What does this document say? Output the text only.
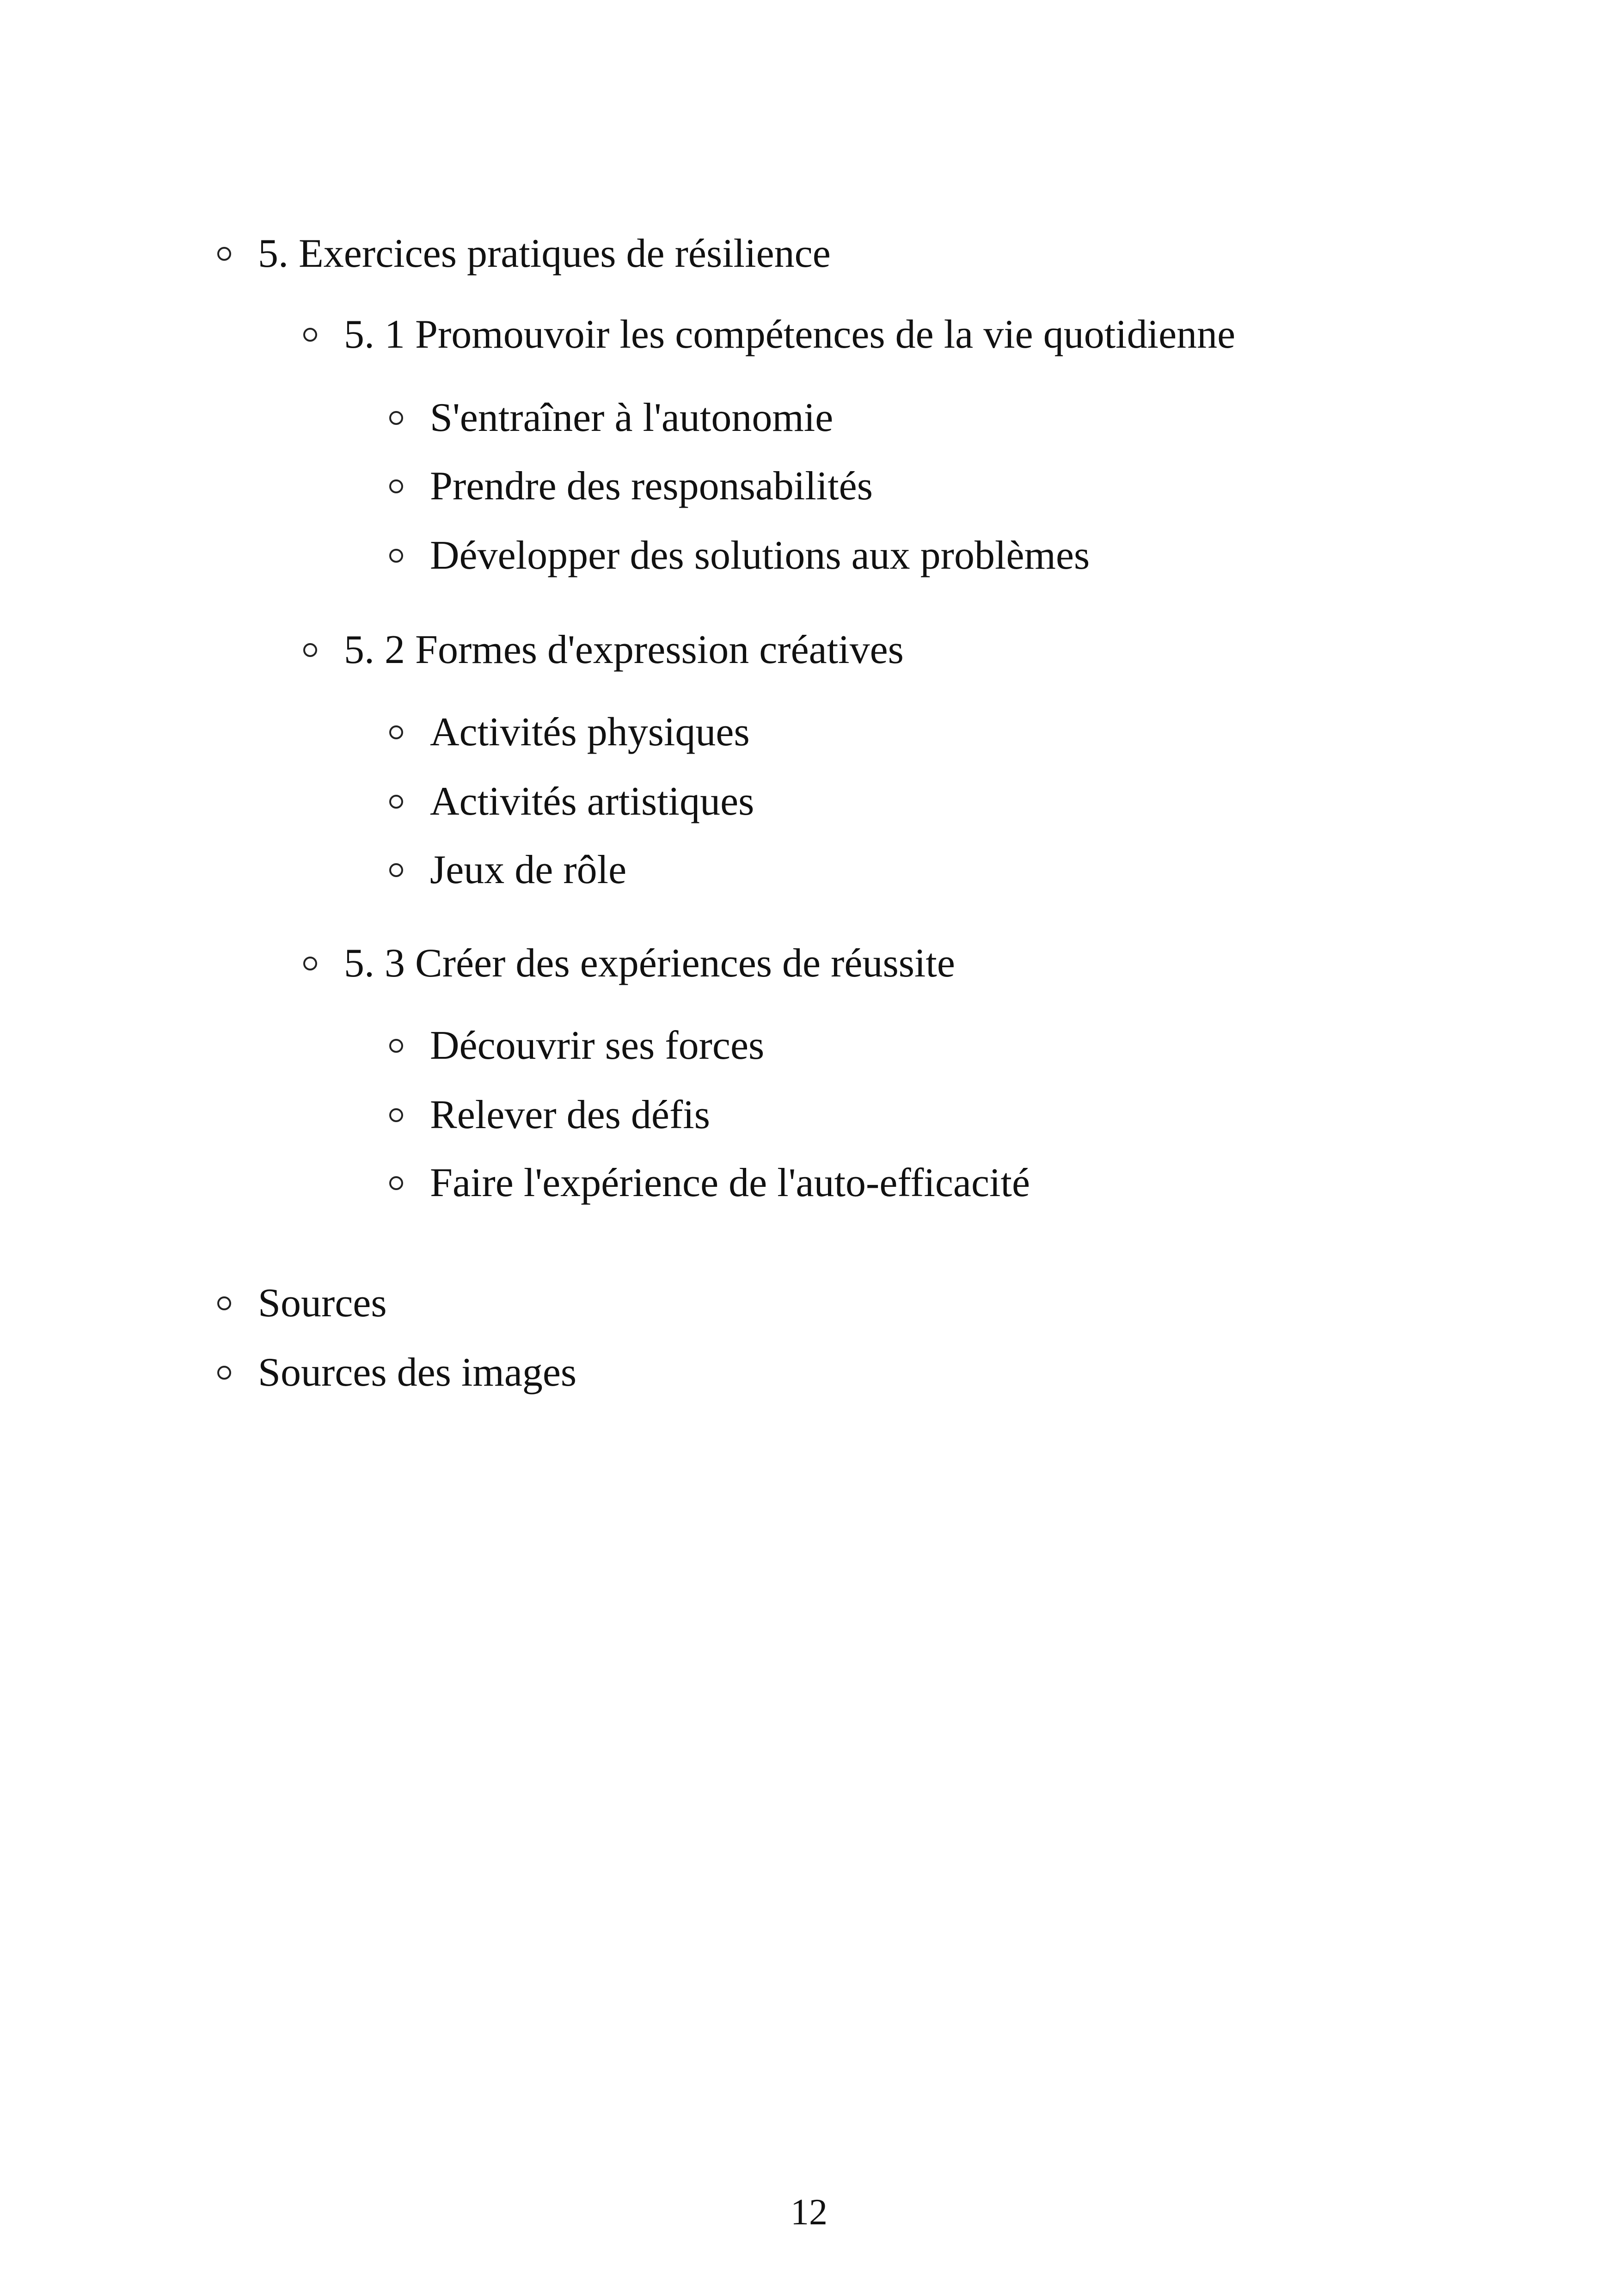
5. Exercices pratiques de résilience
5. 1 Promouvoir les compétences de la vie quotidienne
S'entraîner à l'autonomie
Prendre des responsabilités
Développer des solutions aux problèmes
5. 2 Formes d'expression créatives
Activités physiques
Activités artistiques
Jeux de rôle
5. 3 Créer des expériences de réussite
Découvrir ses forces
Relever des défis
Faire l'expérience de l'auto-efficacité
Sources
Sources des images
12
